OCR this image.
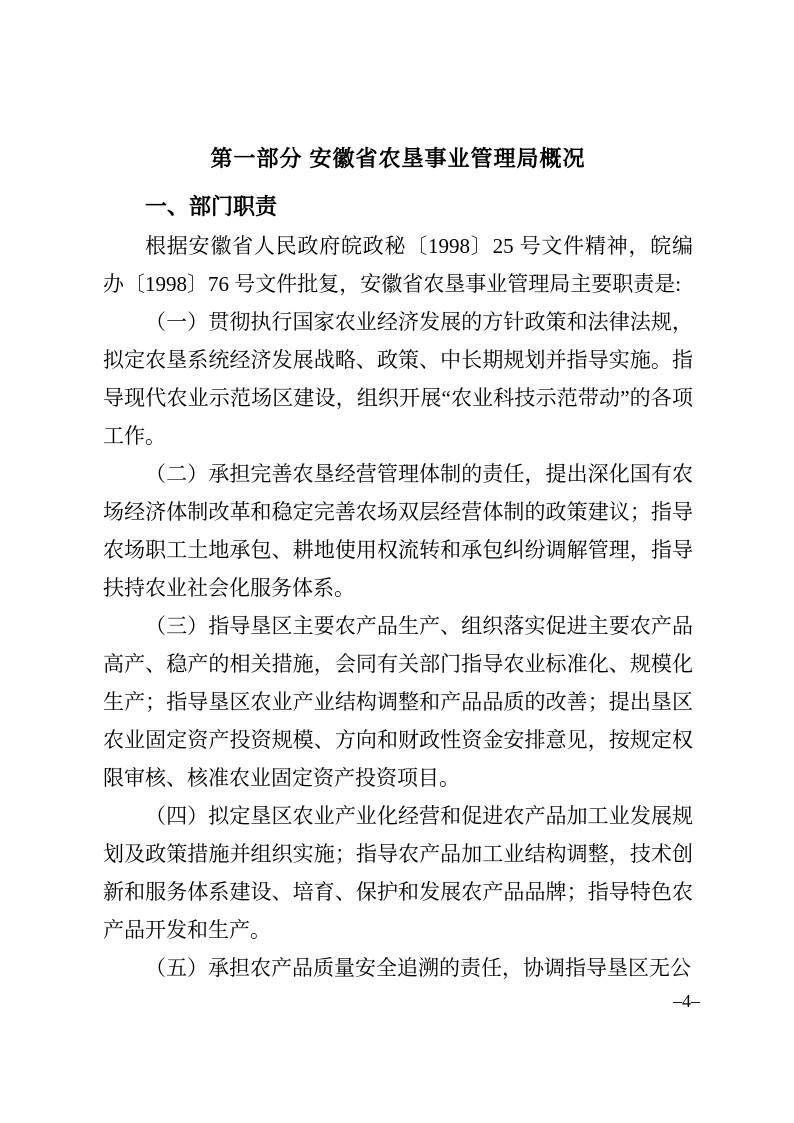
第一部分 安徽省农垦事业管理局概况
一、部门职责

根据安徽省人民政府皖政秘〔1998〕25 号文件精神，皖编办〔1998〕76 号文件批复，安徽省农垦事业管理局主要职责是:

（一）贯彻执行国家农业经济发展的方针政策和法律法规，拟定农垦系统经济发展战略、政策、中长期规划并指导实施。指导现代农业示范场区建设，组织开展“农业科技示范带动”的各项工作。

（二）承担完善农垦经营管理体制的责任，提出深化国有农场经济体制改革和稳定完善农场双层经营体制的政策建议；指导农场职工土地承包、耕地使用权流转和承包纠纷调解管理，指导扶持农业社会化服务体系。

（三）指导垦区主要农产品生产、组织落实促进主要农产品高产、稳产的相关措施，会同有关部门指导农业标准化、规模化生产；指导垦区农业产业结构调整和产品品质的改善；提出垦区农业固定资产投资规模、方向和财政性资金安排意见，按规定权限审核、核准农业固定资产投资项目。

（四）拟定垦区农业产业化经营和促进农产品加工业发展规划及政策措施并组织实施；指导农产品加工业结构调整，技术创新和服务体系建设、培育、保护和发展农产品品牌；指导特色农产品开发和生产。

（五）承担农产品质量安全追溯的责任，协调指导垦区无公

–4–
